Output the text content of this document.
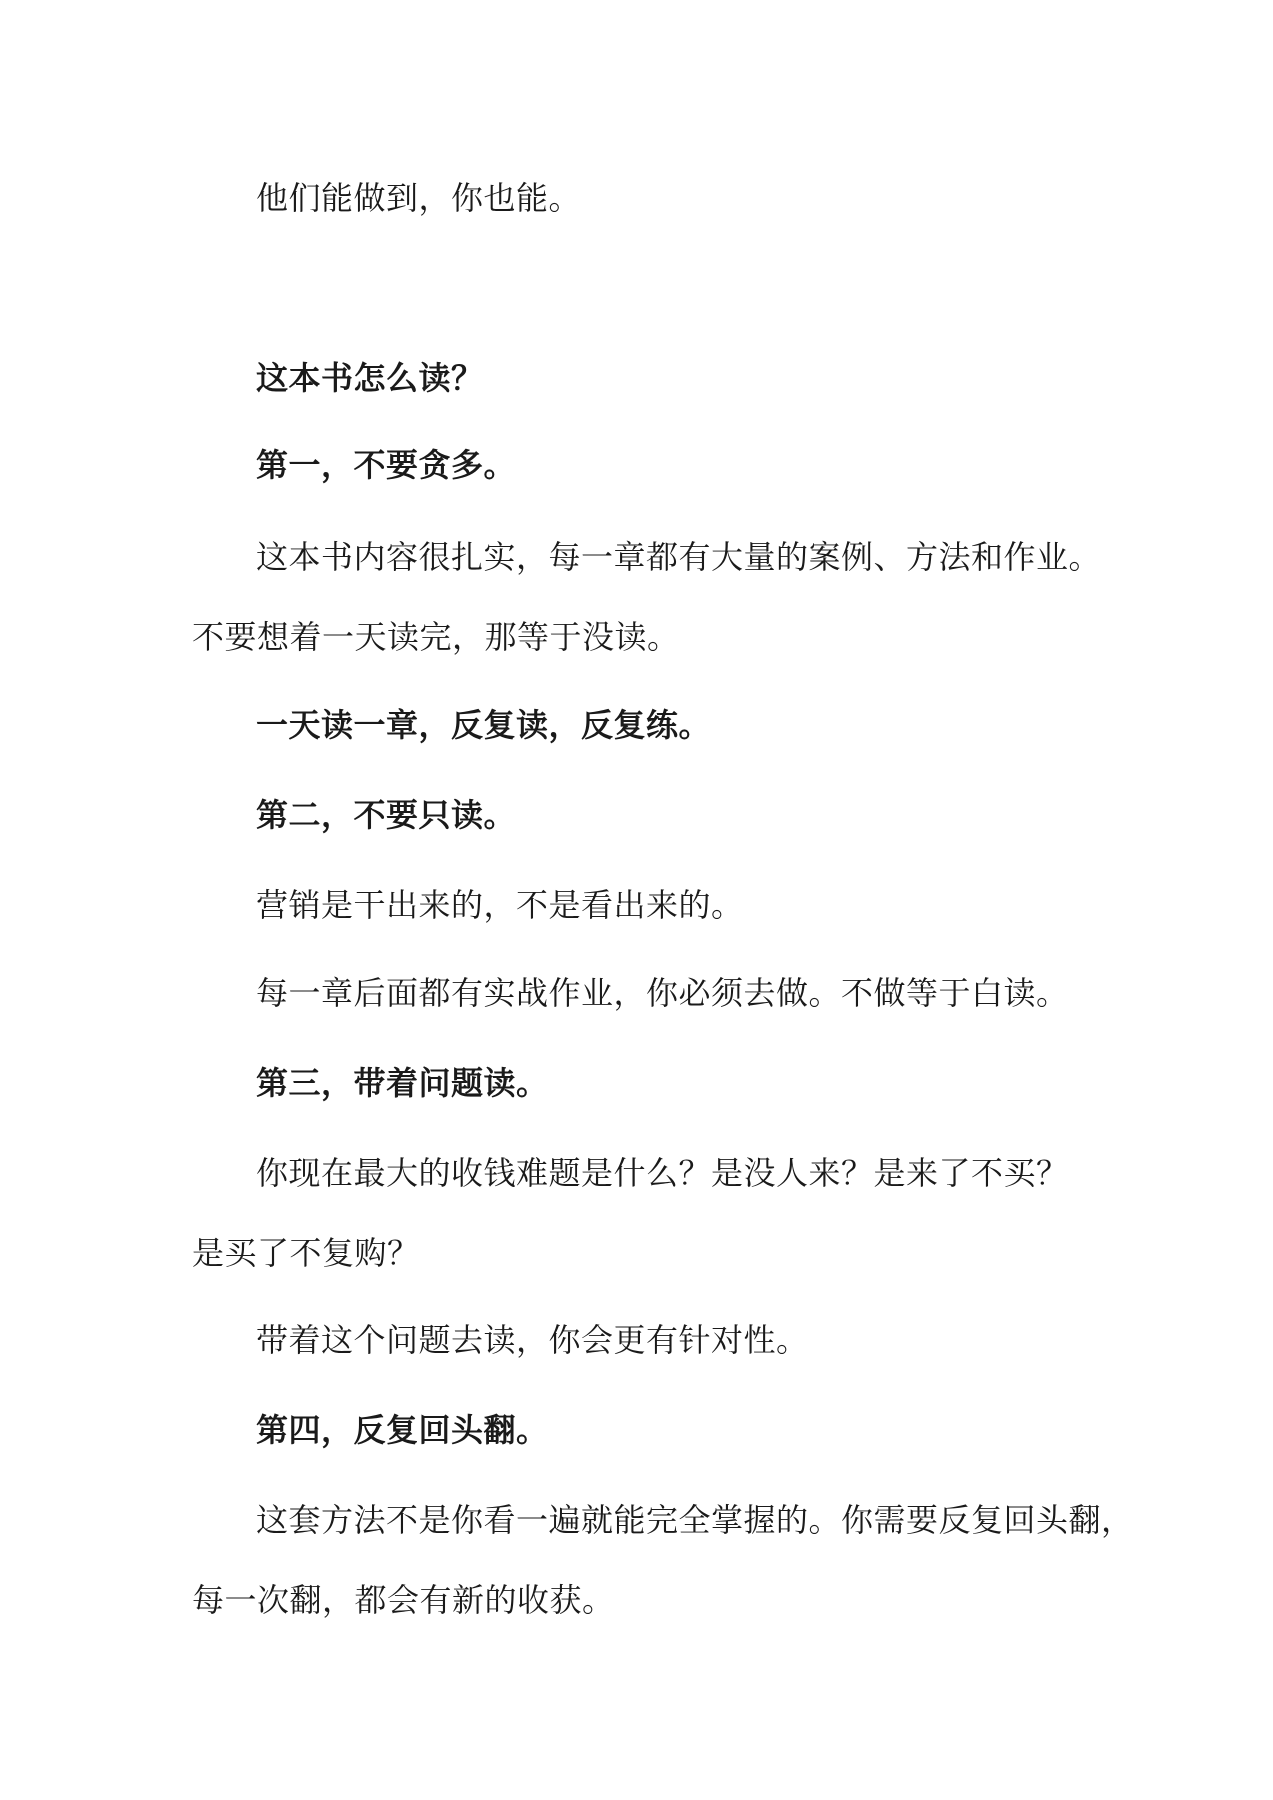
他们能做到，你也能。
这本书怎么读？
第一，不要贪多。
这本书内容很扎实，每一章都有大量的案例、方法和作业。
不要想着一天读完，那等于没读。
一天读一章，反复读，反复练。
第二，不要只读。
营销是干出来的，不是看出来的。
每一章后面都有实战作业，你必须去做。不做等于白读。
第三，带着问题读。
你现在最大的收钱难题是什么？是没人来？是来了不买？
是买了不复购？
带着这个问题去读，你会更有针对性。
第四，反复回头翻。
这套方法不是你看一遍就能完全掌握的。你需要反复回头翻，
每一次翻，都会有新的收获。
